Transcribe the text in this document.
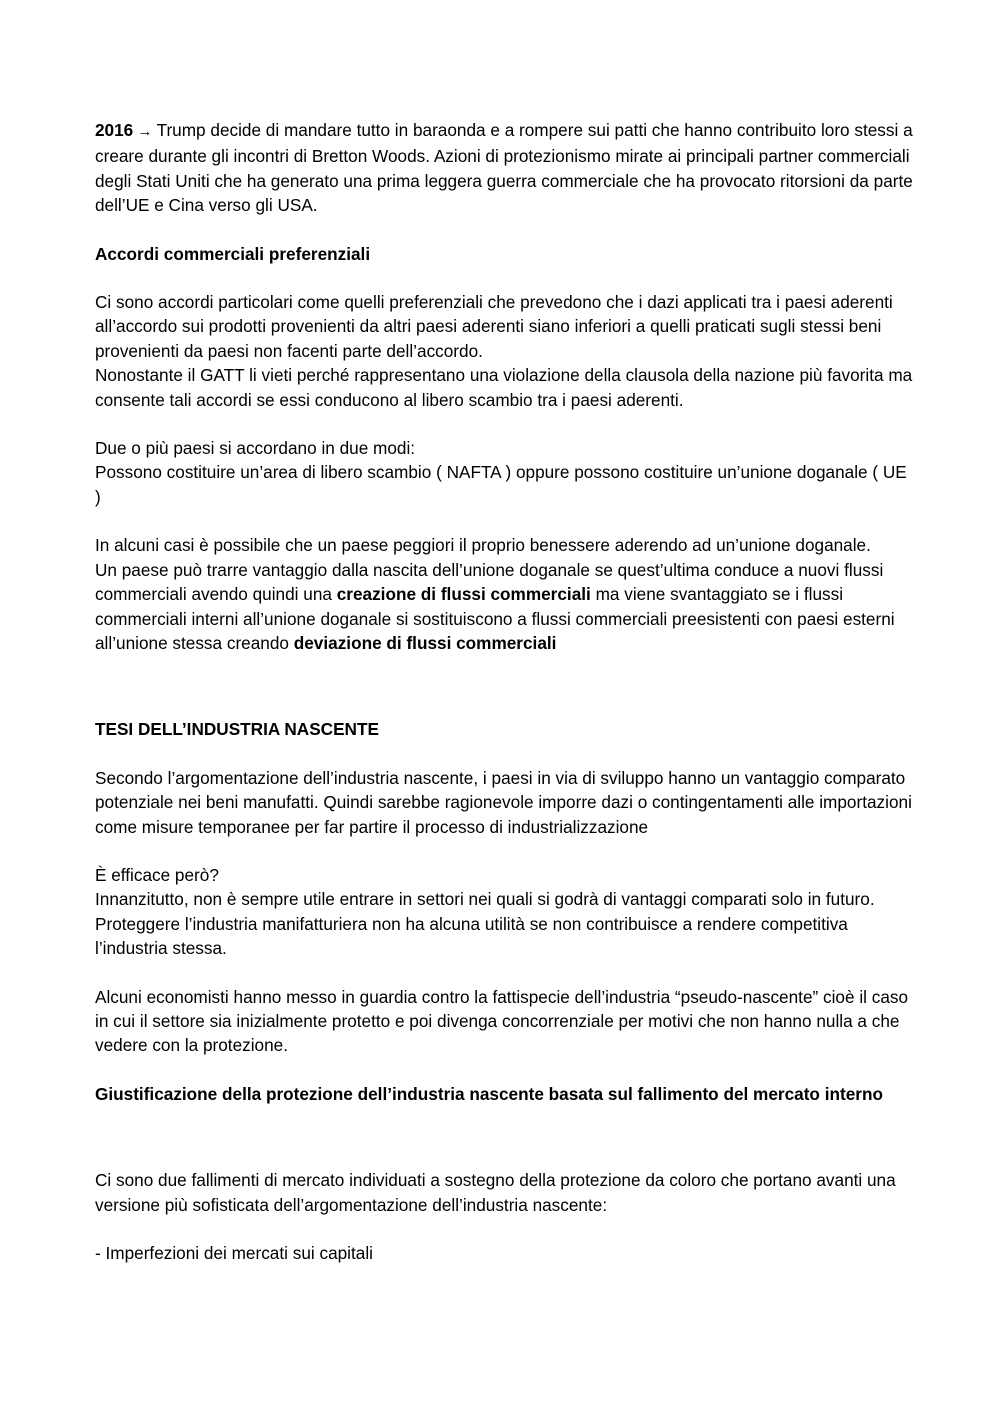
2016 → Trump decide di mandare tutto in baraonda e a rompere sui patti che hanno contribuito loro stessi a creare durante gli incontri di Bretton Woods. Azioni di protezionismo mirate ai principali partner commerciali degli Stati Uniti che ha generato una prima leggera guerra commerciale che ha provocato ritorsioni da parte dell’UE e Cina verso gli USA.

Accordi commerciali preferenziali

Ci sono accordi particolari come quelli preferenziali che prevedono che i dazi applicati tra i paesi aderenti all’accordo sui prodotti provenienti da altri paesi aderenti siano inferiori a quelli praticati sugli stessi beni provenienti da paesi non facenti parte dell’accordo.

Nonostante il GATT li vieti perché rappresentano una violazione della clausola della nazione più favorita ma consente tali accordi se essi conducono al libero scambio tra i paesi aderenti.

Due o più paesi si accordano in due modi:

Possono costituire un’area di libero scambio ( NAFTA ) oppure possono costituire un’unione doganale ( UE )

In alcuni casi è possibile che un paese peggiori il proprio benessere aderendo ad un’unione doganale.

Un paese può trarre vantaggio dalla nascita dell’unione doganale se quest’ultima conduce a nuovi flussi commerciali avendo quindi una creazione di flussi commerciali ma viene svantaggiato se i flussi commerciali interni all’unione doganale si sostituiscono a flussi commerciali preesistenti con paesi esterni all’unione stessa creando deviazione di flussi commerciali

TESI DELL’INDUSTRIA NASCENTE

Secondo l’argomentazione dell’industria nascente, i paesi in via di sviluppo hanno un vantaggio comparato potenziale nei beni manufatti. Quindi sarebbe ragionevole imporre dazi o contingentamenti alle importazioni come misure temporanee per far partire il processo di industrializzazione

È efficace però?

Innanzitutto, non è sempre utile entrare in settori nei quali si godrà di vantaggi comparati solo in futuro. Proteggere l’industria manifatturiera non ha alcuna utilità se non contribuisce a rendere competitiva l’industria stessa.

Alcuni economisti hanno messo in guardia contro la fattispecie dell’industria “pseudo-nascente” cioè il caso in cui il settore sia inizialmente protetto e poi divenga concorrenziale per motivi che non hanno nulla a che vedere con la protezione.

Giustificazione della protezione dell’industria nascente basata sul fallimento del mercato interno

Ci sono due fallimenti di mercato individuati a sostegno della protezione da coloro che portano avanti una versione più sofisticata dell’argomentazione dell’industria nascente:

- Imperfezioni dei mercati sui capitali
